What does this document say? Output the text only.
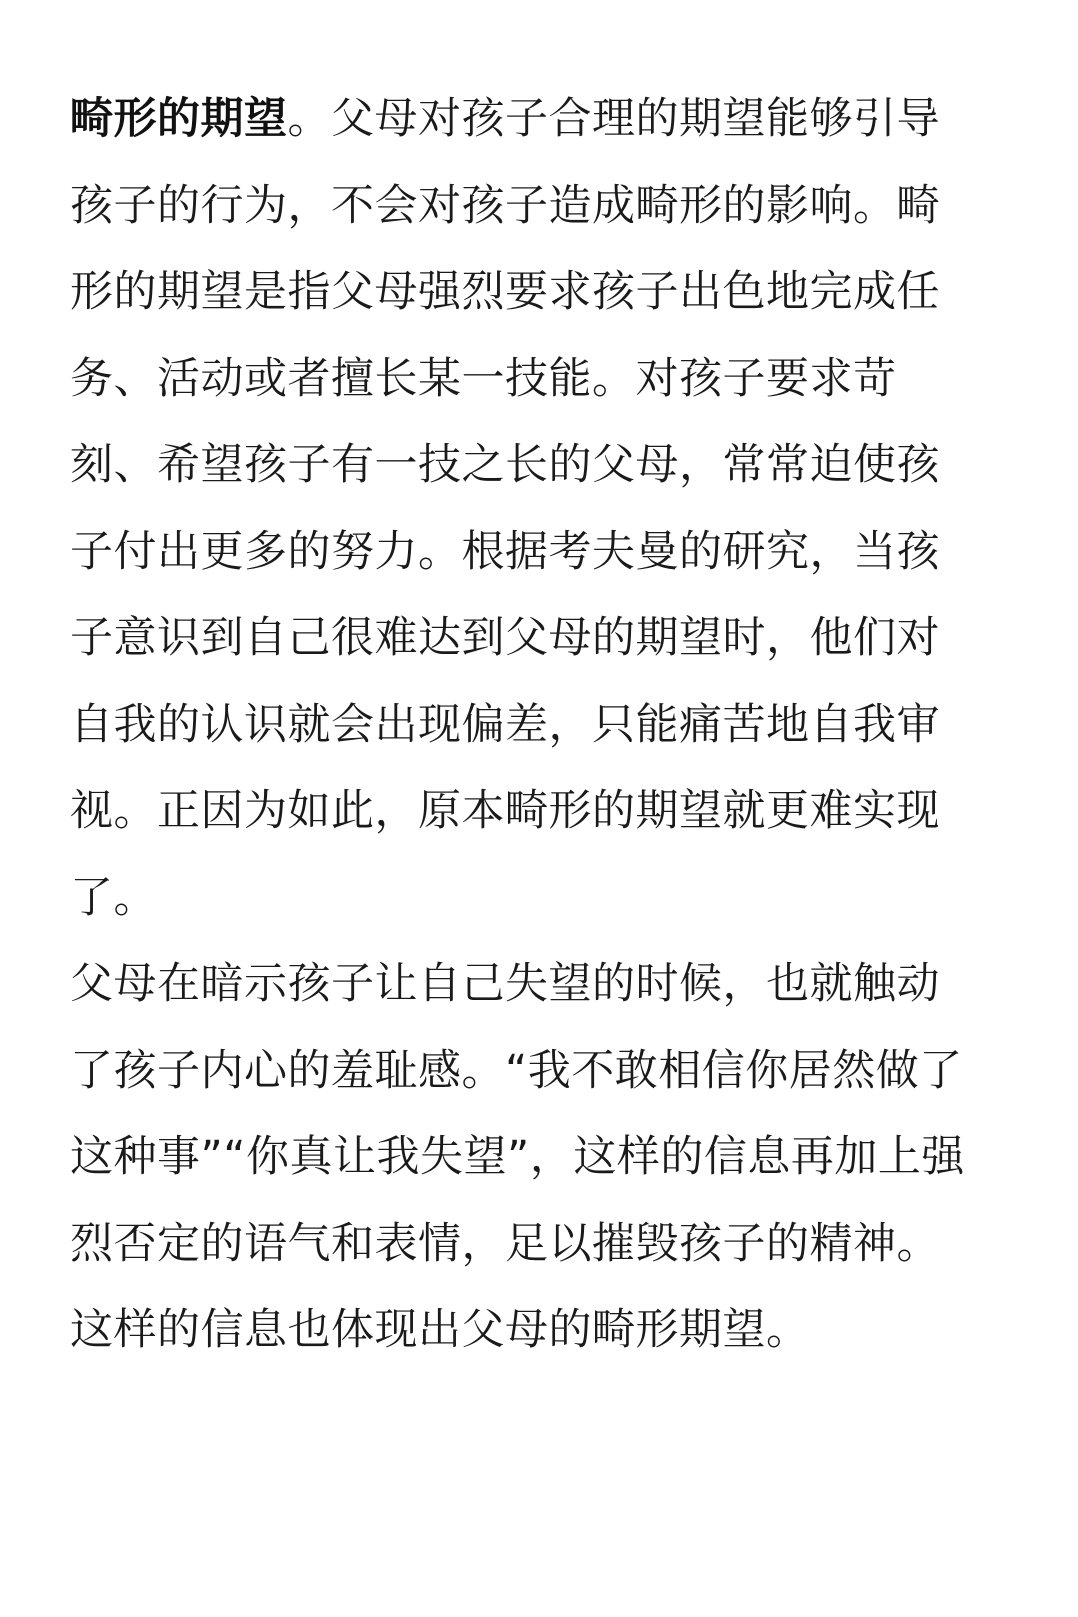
畸形的期望。父母对孩子合理的期望能够引导孩子的行为，不会对孩子造成畸形的影响。畸形的期望是指父母强烈要求孩子出色地完成任务、活动或者擅长某一技能。对孩子要求苛刻、希望孩子有一技之长的父母，常常迫使孩子付出更多的努力。根据考夫曼的研究，当孩子意识到自己很难达到父母的期望时，他们对自我的认识就会出现偏差，只能痛苦地自我审视。正因为如此，原本畸形的期望就更难实现了。

父母在暗示孩子让自己失望的时候，也就触动了孩子内心的羞耻感。“我不敢相信你居然做了这种事”“你真让我失望”，这样的信息再加上强烈否定的语气和表情，足以摧毁孩子的精神。这样的信息也体现出父母的畸形期望。
